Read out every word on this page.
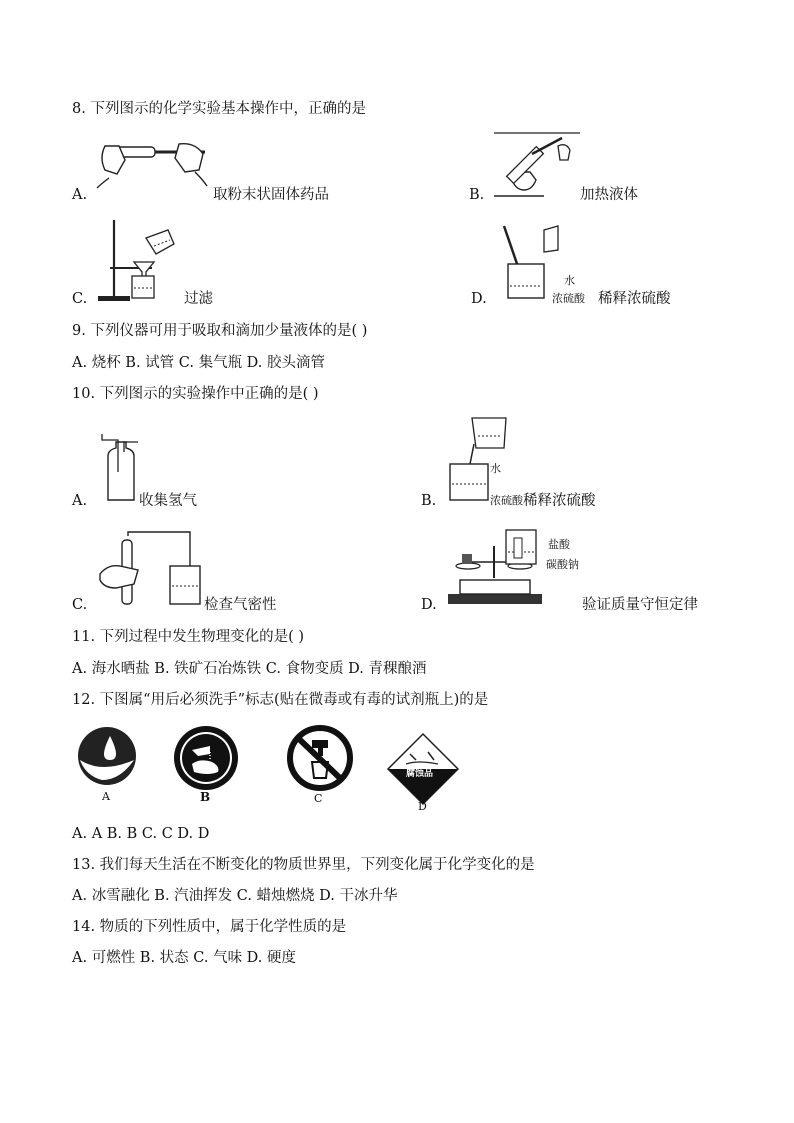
8. 下列图示的化学实验基本操作中，正确的是
A.	取粉末状固体药品	B.	加热液体
C.	过滤	D.
水
浓硫酸 稀释浓硫酸
9. 下列仪器可用于吸取和滴加少量液体的是( )
A. 烧杯 B. 试管 C. 集气瓶 D. 胶头滴管
10. 下列图示的实验操作中正确的是( )
A.	收集氢气	B.
水
浓硫酸 稀释浓硫酸
C.	检查气密性	D.
盐酸
碳酸钠
验证质量守恒定律
11. 下列过程中发生物理变化的是( )
A. 海水晒盐 B. 铁矿石冶炼铁 C. 食物变质 D. 青稞酿酒
12. 下图属“用后必须洗手”标志(贴在微毒或有毒的试剂瓶上)的是
A	B	C
腐蚀品
D
A. A B. B C. C D. D
13. 我们每天生活在不断变化的物质世界里，下列变化属于化学变化的是
A. 冰雪融化 B. 汽油挥发 C. 蜡烛燃烧 D. 干冰升华
14. 物质的下列性质中，属于化学性质的是
A. 可燃性 B. 状态 C. 气味 D. 硬度
